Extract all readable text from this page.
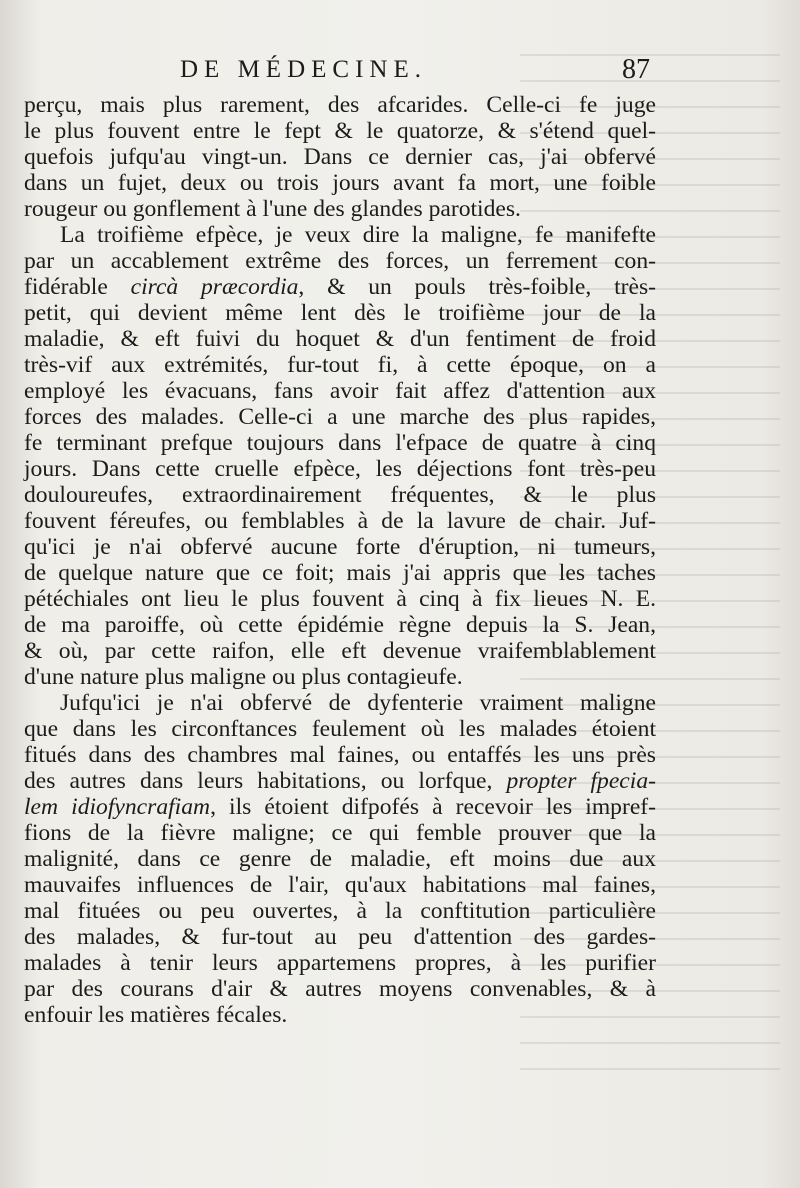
DE MÉDECINE.	87
perçu, mais plus rarement, des afcarides. Celle-ci fe juge
le plus fouvent entre le fept & le quatorze, & s'étend quel-
quefois jufqu'au vingt-un. Dans ce dernier cas, j'ai obfervé
dans un fujet, deux ou trois jours avant fa mort, une foible
rougeur ou gonflement à l'une des glandes parotides.
La troifième efpèce, je veux dire la maligne, fe manifefte
par un accablement extrême des forces, un ferrement con-
fidérable circà præcordia, & un pouls très-foible, très-
petit, qui devient même lent dès le troifième jour de la
maladie, & eft fuivi du hoquet & d'un fentiment de froid
très-vif aux extrémités, fur-tout fi, à cette époque, on a
employé les évacuans, fans avoir fait affez d'attention aux
forces des malades. Celle-ci a une marche des plus rapides,
fe terminant prefque toujours dans l'efpace de quatre à cinq
jours. Dans cette cruelle efpèce, les déjections font très-peu
douloureufes, extraordinairement fréquentes, & le plus
fouvent féreufes, ou femblables à de la lavure de chair. Juf-
qu'ici je n'ai obfervé aucune forte d'éruption, ni tumeurs,
de quelque nature que ce foit; mais j'ai appris que les taches
pétéchiales ont lieu le plus fouvent à cinq à fix lieues N. E.
de ma paroiffe, où cette épidémie règne depuis la S. Jean,
& où, par cette raifon, elle eft devenue vraifemblablement
d'une nature plus maligne ou plus contagieufe.
Jufqu'ici je n'ai obfervé de dyfenterie vraiment maligne
que dans les circonftances feulement où les malades étoient
fitués dans des chambres mal faines, ou entaffés les uns près
des autres dans leurs habitations, ou lorfque, propter fpecia-
lem idiofyncrafiam, ils étoient difpofés à recevoir les impref-
fions de la fièvre maligne; ce qui femble prouver que la
malignité, dans ce genre de maladie, eft moins due aux
mauvaifes influences de l'air, qu'aux habitations mal faines,
mal fituées ou peu ouvertes, à la conftitution particulière
des malades, & fur-tout au peu d'attention des gardes-
malades à tenir leurs appartemens propres, à les purifier
par des courans d'air & autres moyens convenables, & à
enfouir les matières fécales.
